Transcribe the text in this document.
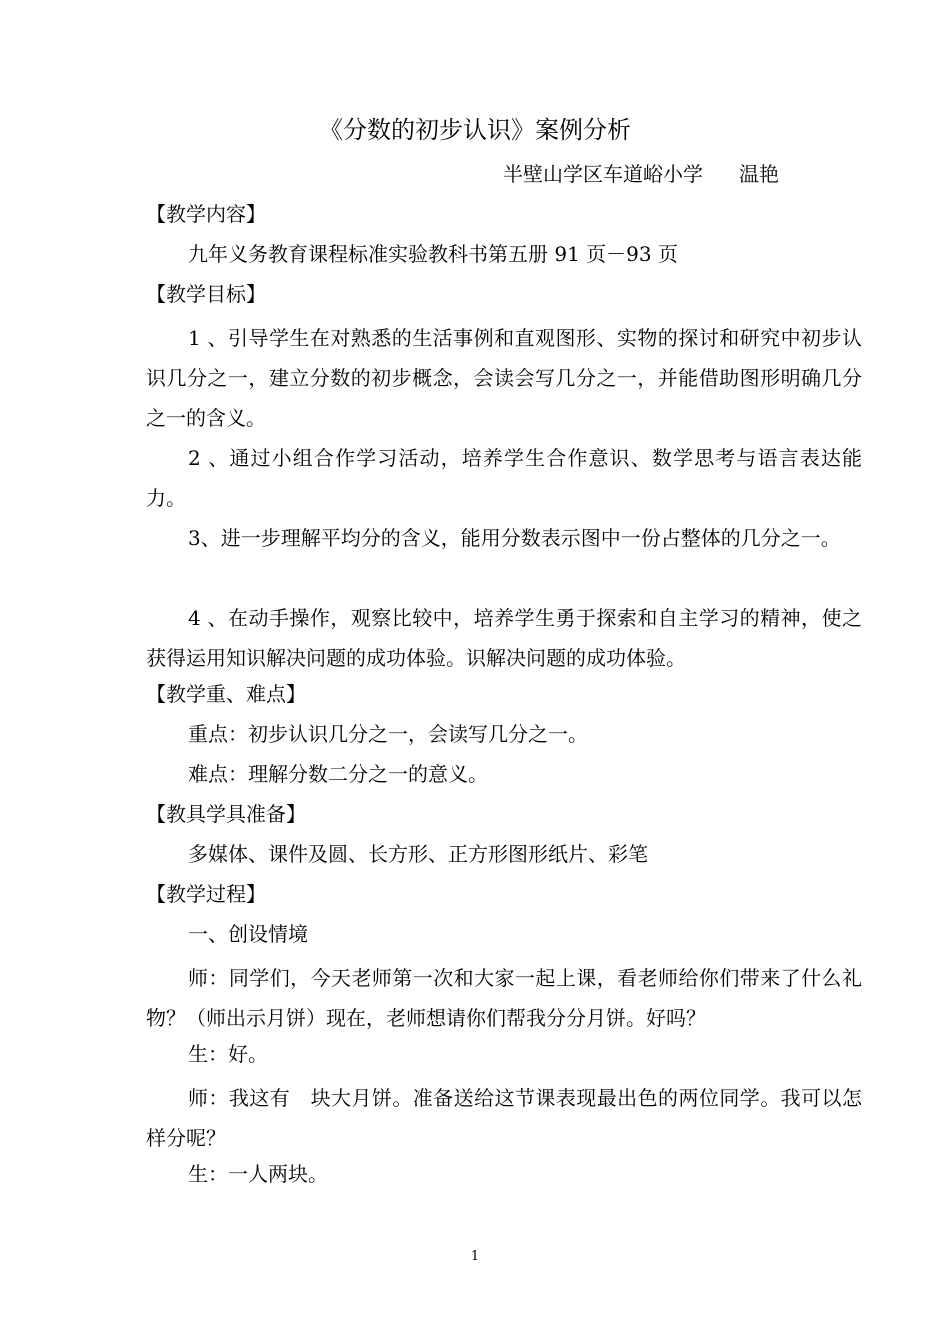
《分数的初步认识》案例分析
半壁山学区车道峪小学 温艳
【教学内容】
九年义务教育课程标准实验教科书第五册 91 页－93 页
【教学目标】
1 、引导学生在对熟悉的生活事例和直观图形、实物的探讨和研究中初步认识几分之一，建立分数的初步概念，会读会写几分之一，并能借助图形明确几分之一的含义。
2 、通过小组合作学习活动，培养学生合作意识、数学思考与语言表达能力。
3、进一步理解平均分的含义，能用分数表示图中一份占整体的几分之一。
4 、在动手操作，观察比较中，培养学生勇于探索和自主学习的精神，使之获得运用知识解决问题的成功体验。识解决问题的成功体验。
【教学重、难点】
重点：初步认识几分之一，会读写几分之一。
难点：理解分数二分之一的意义。
【教具学具准备】
多媒体、课件及圆、长方形、正方形图形纸片、彩笔
【教学过程】
一、创设情境
师：同学们，今天老师第一次和大家一起上课，看老师给你们带来了什么礼物？（师出示月饼）现在，老师想请你们帮我分分月饼。好吗？
生：好。
师：我这有　块大月饼。准备送给这节课表现最出色的两位同学。我可以怎样分呢？
生：一人两块。
1
